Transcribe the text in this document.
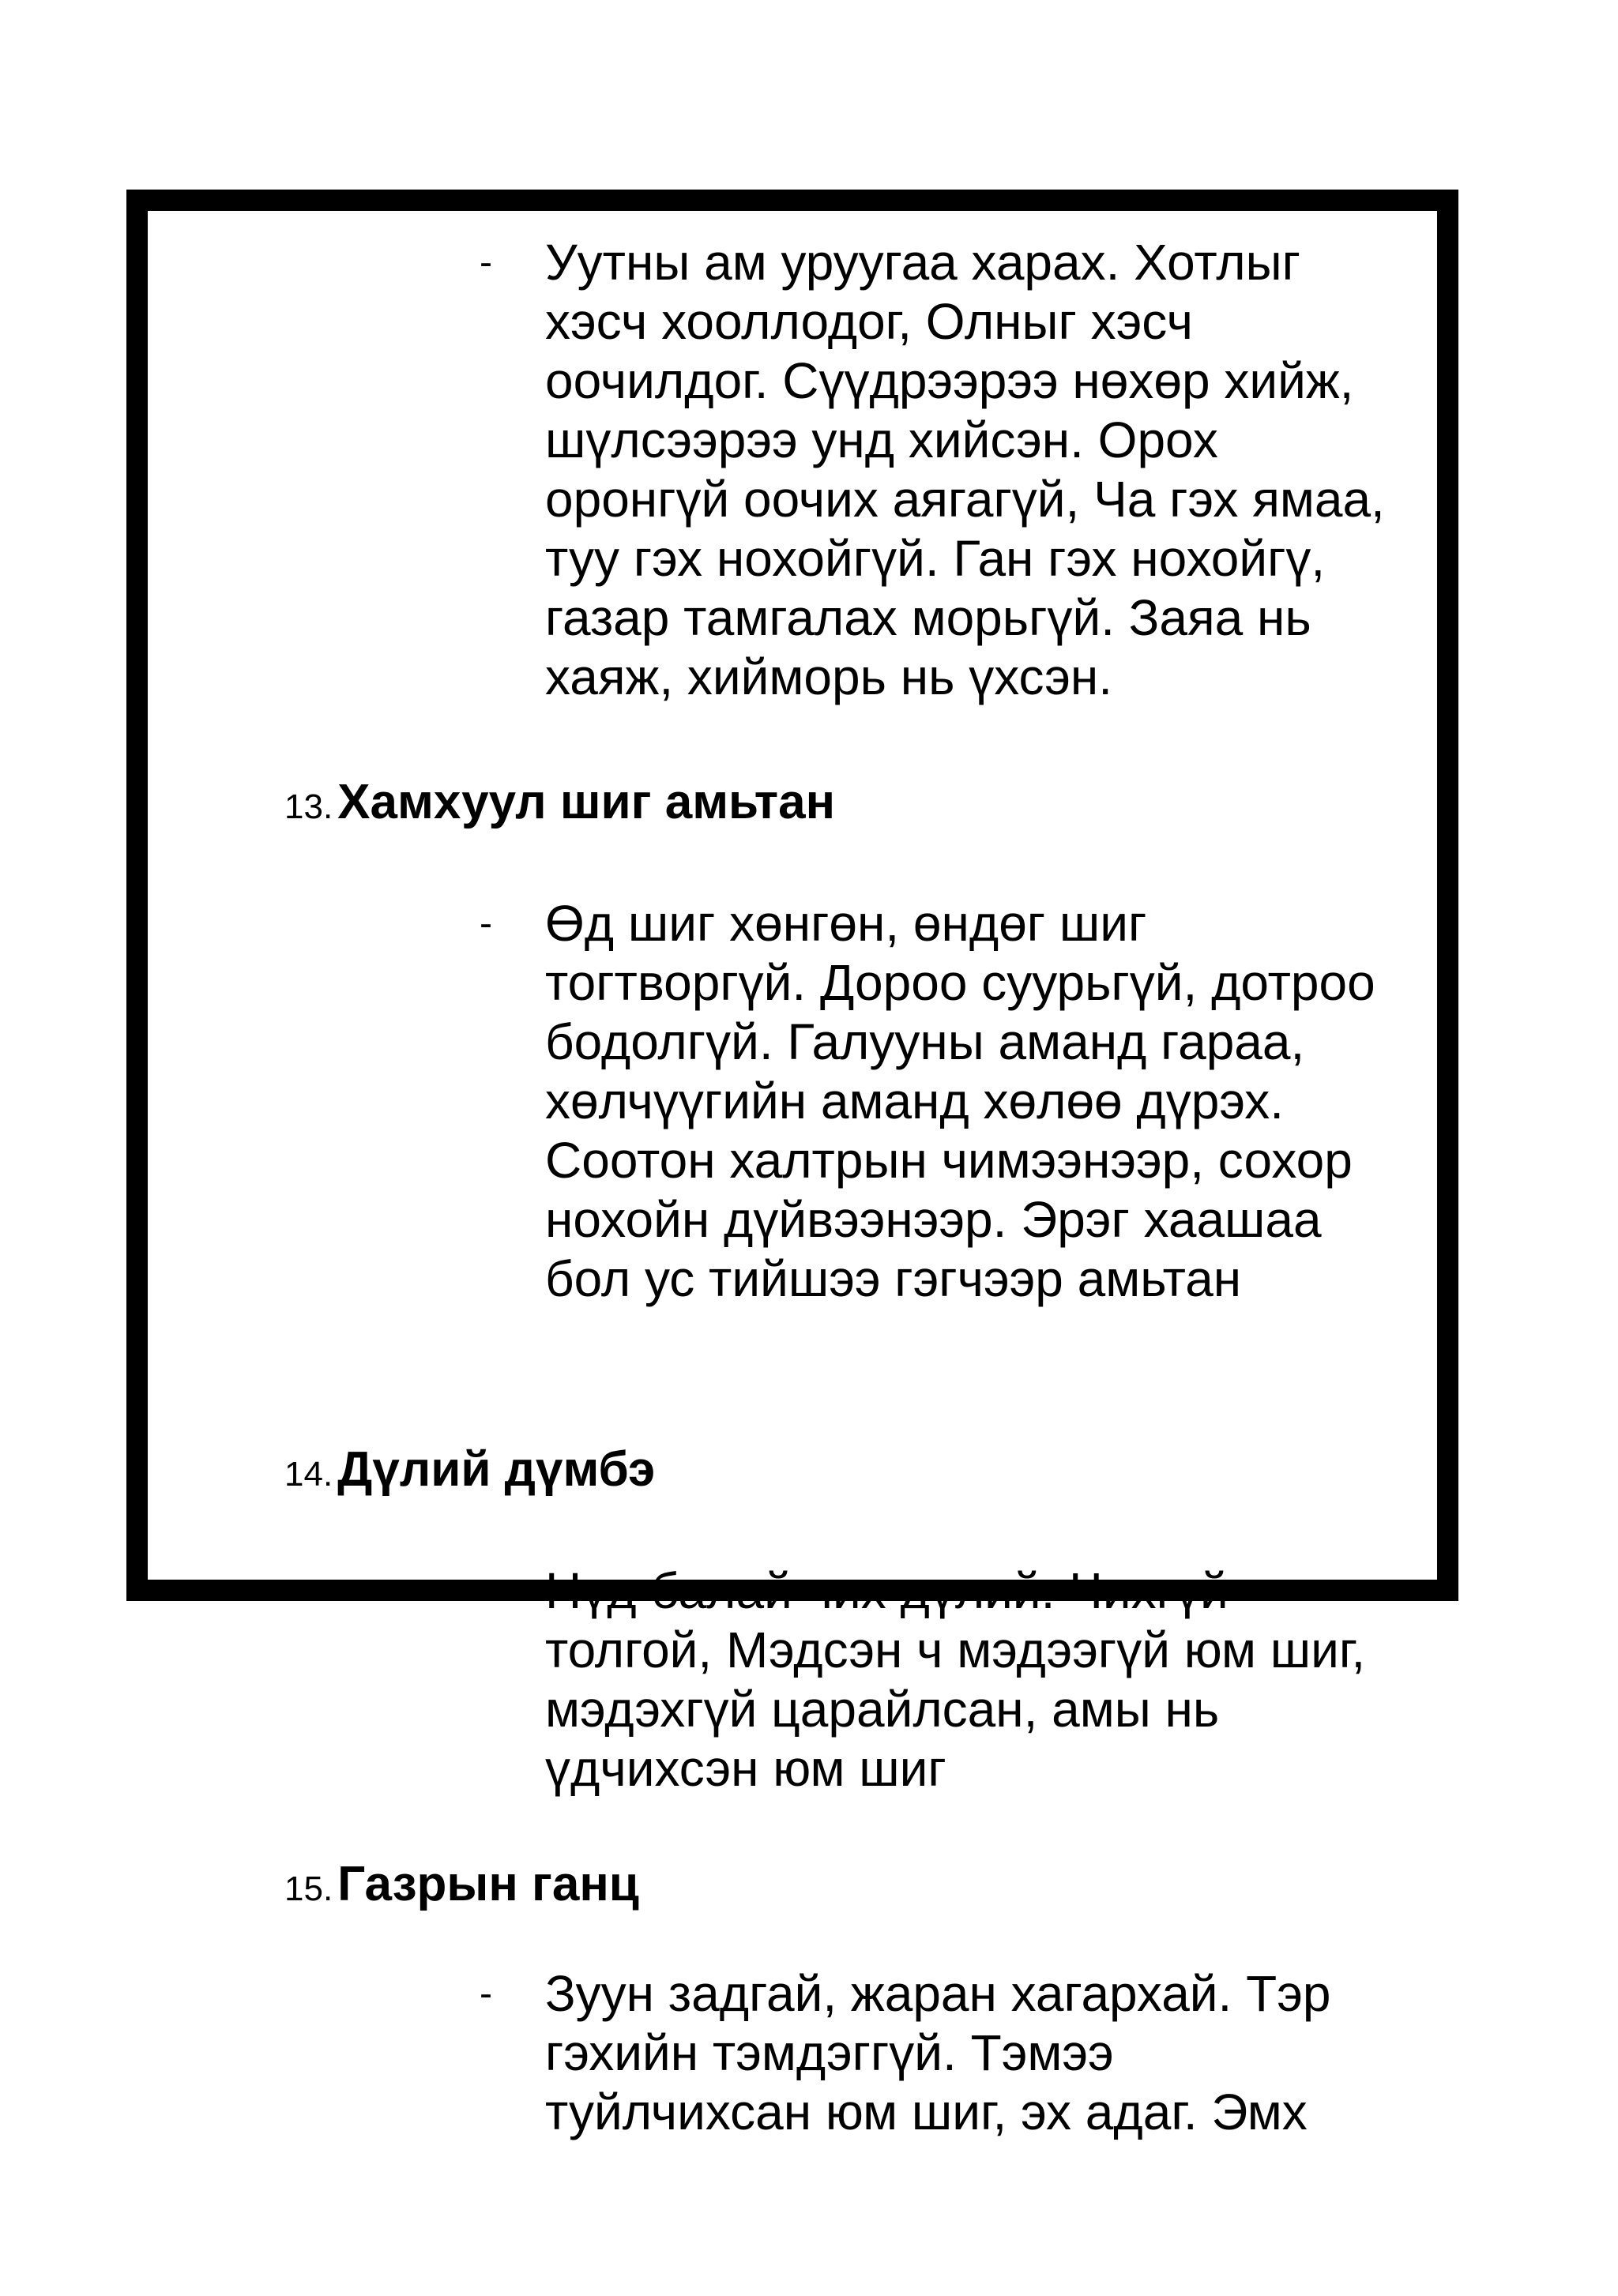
- Уутны ам уруугаа харах. Хотлыг
хэсч хооллодог, Олныг хэсч
оочилдог. Сүүдрээрээ нөхөр хийж,
шүлсээрээ унд хийсэн. Орох
оронгүй оочих аягагүй, Ча гэх ямаа,
туу гэх нохойгүй. Ган гэх нохойгү,
газар тамгалах морьгүй. Заяа нь
хаяж, хийморь нь үхсэн.

13.Хамхуул шиг амьтан
- Өд шиг хөнгөн, өндөг шиг
тогтворгүй. Дороо суурьгүй, дотроо
бодолгүй. Галууны аманд гараа,
хөлчүүгийн аманд хөлөө дүрэх.
Соотон халтрын чимээнээр, сохор
нохойн дүйвээнээр. Эрэг хаашаа
бол ус тийшээ гэгчээр амьтан

14.Дүлий дүмбэ
- Нүд балай чих дүлий. Чихгүй
толгой, Мэдсэн ч мэдээгүй юм шиг,
мэдэхгүй царайлсан, амы нь
үдчихсэн юм шиг

15.Газрын ганц
- Зуун задгай, жаран хагархай. Тэр
гэхийн тэмдэггүй. Тэмээ
туйлчихсан юм шиг, эх адаг. Эмх
